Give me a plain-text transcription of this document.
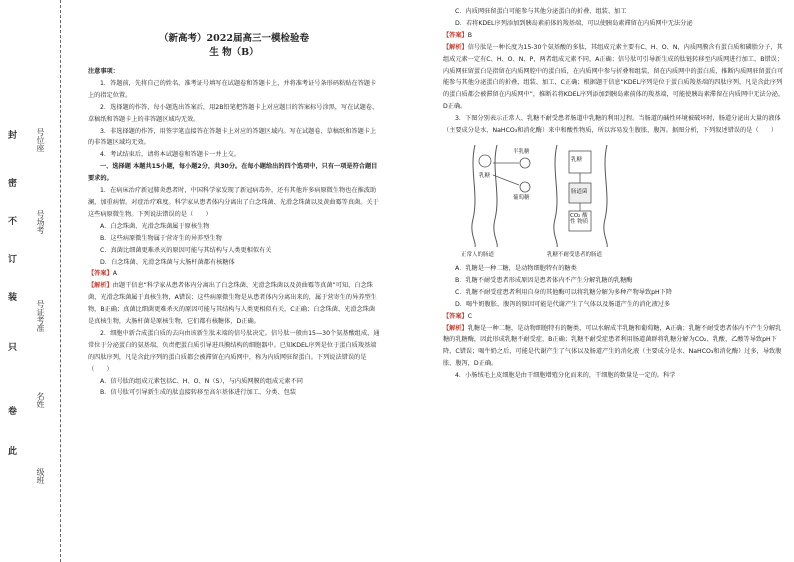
号位座
号场考
号证考准
名姓
级班
封
密
不
订
装
只
卷
此
（新高考）2022届高三一模检验卷
生 物（B）

注意事项：

1．答题前，先将自己的姓名、准考证号填写在试题卷和答题卡上，并将准考证号条形码粘贴在答题卡上的指定位置。

2．选择题的作答，每小题选出答案后，用2B铅笔把答题卡上对应题目的答案标号涂黑，写在试题卷、草稿纸和答题卡上的非答题区域均无效。

3．非选择题的作答，用签字笔直接答在答题卡上对应的答题区域内。写在试题卷、草稿纸和答题卡上的非答题区域均无效。

4．考试结束后，请将本试题卷和答题卡一并上交。

一、选择题 本题共15小题，每小题2分，共30分。在每小题给出的四个选项中，只有一项是符合题目要求的。

1．在病床治疗新冠肺炎患者时，中国科学家发现了新冠病毒外，还有其他许多病原微生物也在推波助澜，加重病情。对症治疗难度。科学家从患者体内分离出了白念珠菌、光滑念珠菌以及黄曲霉等真菌。关于这些病原微生物。下列说法错误的是（　　）

A．白念珠菌、光滑念珠菌属于原核生物

B．这些病原微生物属于营寄生的异养型生物

C．真菌比细菌更难杀灭的原因可能与其结构与人类更相似有关

D．白念珠菌、光滑念珠菌与大肠杆菌都有核糖体

【答案】A

【解析】由题干信息“科学家从患者体内分离出了白念珠菌、光滑念珠菌以及黄曲霉等真菌”可知，白念珠菌、光滑念珠菌属于真核生物，A错误；这些病原微生物是从患者体内分离出来的，属于营寄生的异养型生物，B正确；真菌比细菌更难杀灭的原因可能与其结构与人类更相似有关，C正确；白念珠菌、光滑念珠菌是真核生物，大肠杆菌是原核生物，它们都有核糖体，D正确。

2．细胞中新合成蛋白质的去向由该新生肽末端的信号肽决定。信号肽一般由15—30个氨基酸组成，通常位于分泌蛋白的氨基端，负责把蛋白质引导进具膜结构的细胞器中。已知KDEL序列是位于蛋白质羧基端的四肽序列，凡是含此序列的蛋白质都会被滞留在内质网中，称为内质网驻留蛋白。下列说法错误的是（　　）

A．信号肽的组成元素包括C、H、O、N（S），与内质网膜的组成元素不同

B．信号肽可引导新生成的肽直接转移至高尔基体进行加工、分类、包装

C．内质网驻留蛋白可能参与其他分泌蛋白的折叠、组装、加工

D．若将KDEL序列添加到胰岛素前体的羧基端，可以使胰岛素滞留在内质网中无法分泌

【答案】B

【解析】信号肽是一种长度为15-30个氨基酸的多肽，其组成元素主要有C、H、O、N，内质网膜含有蛋白质和磷脂分子，其组成元素一定有C、H、O、N、P，两者组成元素不同，A正确；信号肽可引导新生成的肽链转移至内质网进行加工，B错误；内质网驻留蛋白是指留在内质网腔中的蛋白质，在内质网中参与折叠和组装，留在内质网中的蛋白质，推断内质网驻留蛋白可能参与其他分泌蛋白的折叠、组装、加工，C正确；根据题干信息“KDEL序列是位于蛋白质羧基端的四肽序列，凡是含此序列的蛋白质都会被滞留在内质网中”，推断若将KDEL序列添加到胰岛素前体的羧基端，可能使胰岛素滞留在内质网中无法分泌，D正确。

3．下图分别表示正常人、乳糖不耐受患者肠道中乳糖的利用过程。当肠道的碱性环境被破坏时，肠道分泌出大量的液体（主要成分是水、NaHCO₃和消化酶）来中和酸性物质，所以容易发生腹胀、腹泻。据图分析，下列叙述错误的是（　　）

乳糖
半乳糖
葡萄糖
乳糖
肠道菌
CO₂ 酸性 物质
正常人的肠道	乳糖不耐受患者的肠道

A．乳糖是一种二糖，是动物细胞特有的糖类

B．乳糖不耐受患者形成原因是患者体内不产生分解乳糖的乳糖酶

C．乳糖不耐受症患者利用自身的其他酶可以将乳糖分解为多种产物导致pH下降

D．喝牛奶腹胀、腹泻的原因可能是代谢产生了气体以及肠道产生的消化液过多

【答案】C

【解析】乳糖是一种二糖，是动物细胞特有的糖类，可以水解成半乳糖和葡萄糖，A正确；乳糖不耐受患者体内不产生分解乳糖的乳糖酶，因此形成乳糖不耐受症，B正确；乳糖不耐受症患者利用肠道菌群将乳糖分解为CO₂、乳酸、乙酸等导致pH下降，C错误；喝牛奶之后，可能是代谢产生了气体以及肠道产生的消化液（主要成分是水、NaHCO₃和消化酶）过多，导致腹胀、腹泻，D正确。

4．小肠绒毛上皮细胞是由干细胞增殖分化而来的，干细胞的数量是一定的。科学
